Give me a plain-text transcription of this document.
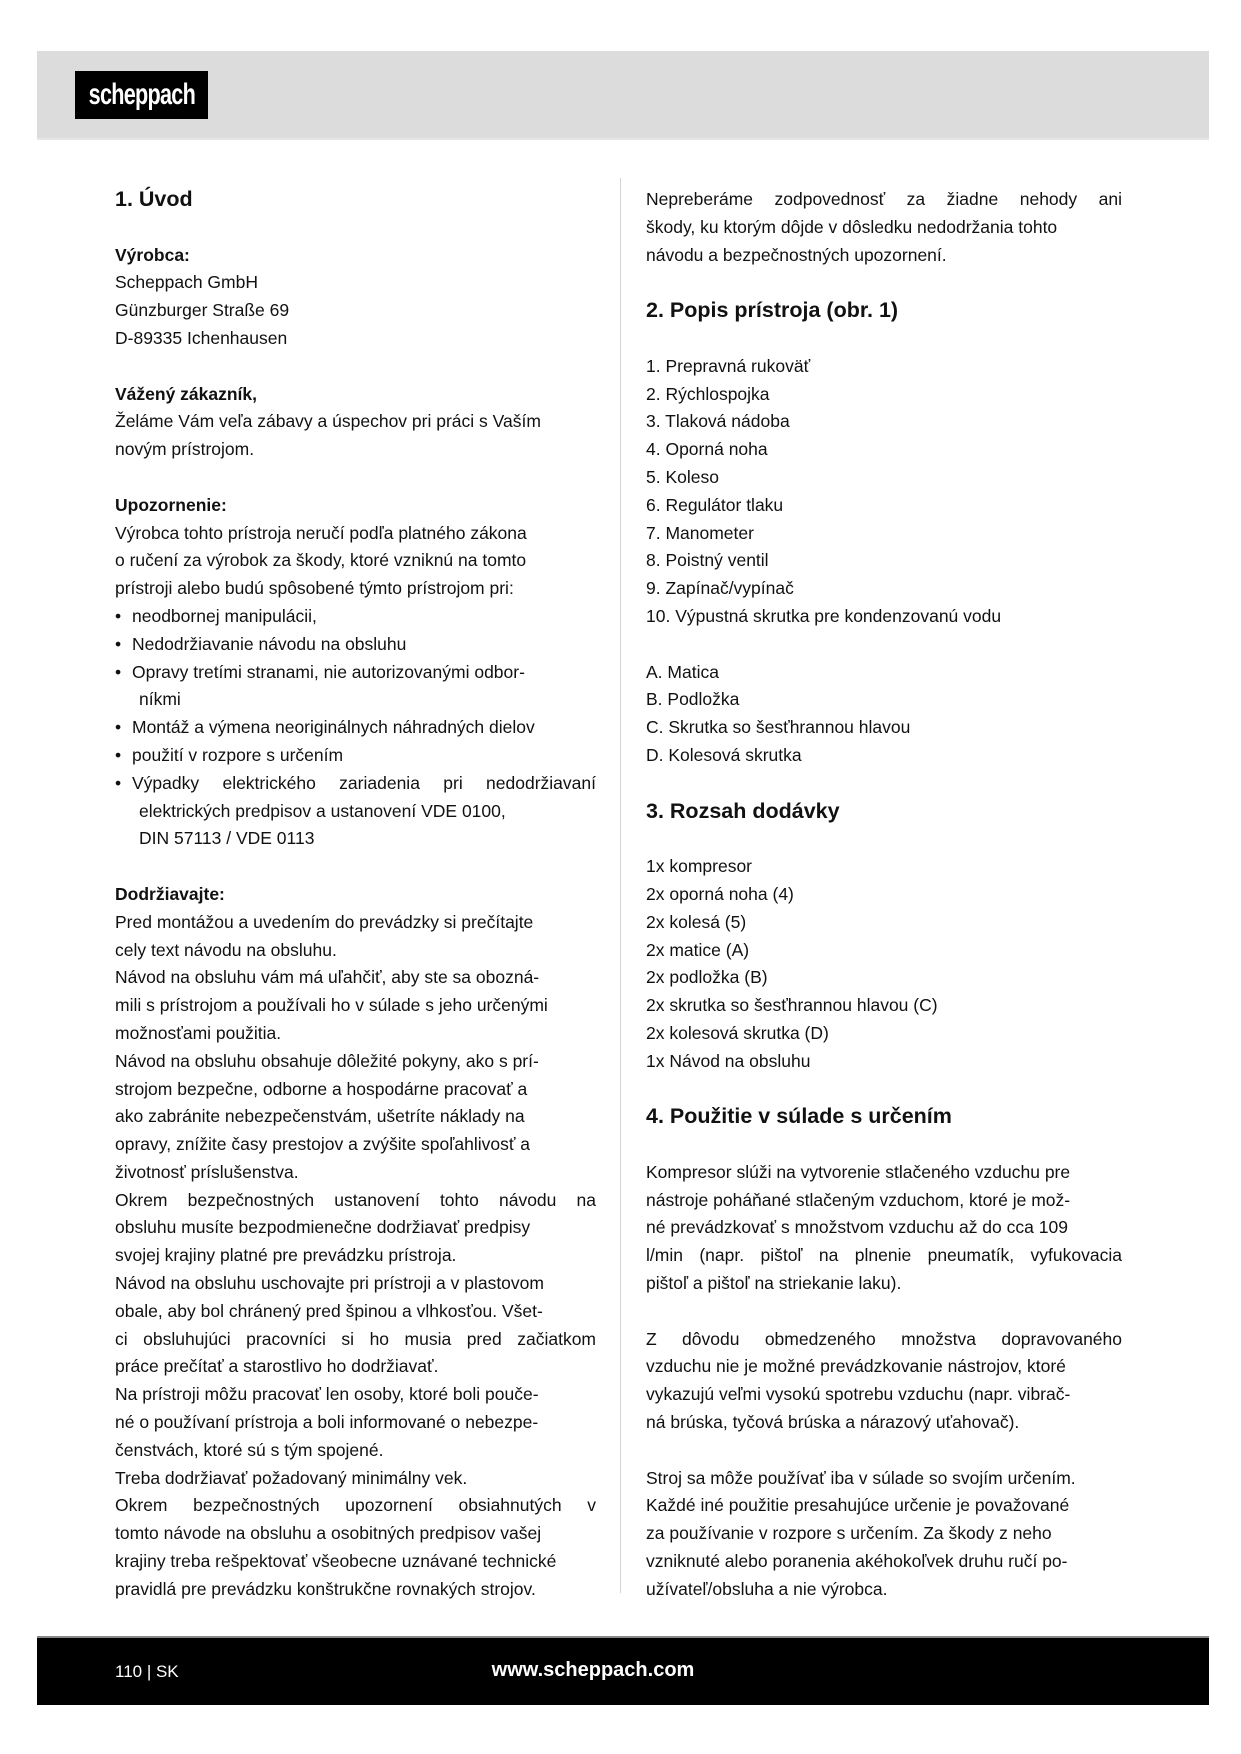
scheppach
1. Úvod
Výrobca:
Scheppach GmbH
Günzburger Straße 69
D-89335 Ichenhausen
Vážený zákazník,
Želáme Vám veľa zábavy a úspechov pri práci s Vaším
novým prístrojom.
Upozornenie:
Výrobca tohto prístroja neručí podľa platného zákona
o ručení za výrobok za škody, ktoré vzniknú na tomto
prístroji alebo budú spôsobené týmto prístrojom pri:
• neodbornej manipulácii,
• Nedodržiavanie návodu na obsluhu
• Opravy tretími stranami, nie autorizovanými odbor-
níkmi
• Montáž a výmena neoriginálnych náhradných dielov
• použití v rozpore s určením
• Výpadky elektrického zariadenia pri nedodržiavaní
elektrických predpisov a ustanovení VDE 0100,
DIN 57113 / VDE 0113
Dodržiavajte:
Pred montážou a uvedením do prevádzky si prečítajte
cely text návodu na obsluhu.
Návod na obsluhu vám má uľahčiť, aby ste sa obozná-
mili s prístrojom a používali ho v súlade s jeho určenými
možnosťami použitia.
Návod na obsluhu obsahuje dôležité pokyny, ako s prí-
strojom bezpečne, odborne a hospodárne pracovať a
ako zabránite nebezpečenstvám, ušetríte náklady na
opravy, znížite časy prestojov a zvýšite spoľahlivosť a
životnosť príslušenstva.
Okrem bezpečnostných ustanovení tohto návodu na
obsluhu musíte bezpodmienečne dodržiavať predpisy
svojej krajiny platné pre prevádzku prístroja.
Návod na obsluhu uschovajte pri prístroji a v plastovom
obale, aby bol chránený pred špinou a vlhkosťou. Všet-
ci obsluhujúci pracovníci si ho musia pred začiatkom
práce prečítať a starostlivo ho dodržiavať.
Na prístroji môžu pracovať len osoby, ktoré boli pouče-
né o používaní prístroja a boli informované o nebezpe-
čenstvách, ktoré sú s tým spojené.
Treba dodržiavať požadovaný minimálny vek.
Okrem bezpečnostných upozornení obsiahnutých v
tomto návode na obsluhu a osobitných predpisov vašej
krajiny treba rešpektovať všeobecne uznávané technické
pravidlá pre prevádzku konštrukčne rovnakých strojov.
Nepreberáme zodpovednosť za žiadne nehody ani
škody, ku ktorým dôjde v dôsledku nedodržania tohto
návodu a bezpečnostných upozornení.
2. Popis prístroja (obr. 1)
1. Prepravná rukoväť
2. Rýchlospojka
3. Tlaková nádoba
4. Oporná noha
5. Koleso
6. Regulátor tlaku
7. Manometer
8. Poistný ventil
9. Zapínač/vypínač
10. Výpustná skrutka pre kondenzovanú vodu
A. Matica
B. Podložka
C. Skrutka so šesťhrannou hlavou
D. Kolesová skrutka
3. Rozsah dodávky
1x kompresor
2x oporná noha (4)
2x kolesá (5)
2x matice (A)
2x podložka (B)
2x skrutka so šesťhrannou hlavou (C)
2x kolesová skrutka (D)
1x Návod na obsluhu
4. Použitie v súlade s určením
Kompresor slúži na vytvorenie stlačeného vzduchu pre
nástroje poháňané stlačeným vzduchom, ktoré je mož-
né prevádzkovať s množstvom vzduchu až do cca 109
l/min (napr. pištoľ na plnenie pneumatík, vyfukovacia
pištoľ a pištoľ na striekanie laku).
Z dôvodu obmedzeného množstva dopravovaného
vzduchu nie je možné prevádzkovanie nástrojov, ktoré
vykazujú veľmi vysokú spotrebu vzduchu (napr. vibrač-
ná brúska, tyčová brúska a nárazový uťahovač).
Stroj sa môže používať iba v súlade so svojím určením.
Každé iné použitie presahujúce určenie je považované
za používanie v rozpore s určením. Za škody z neho
vzniknuté alebo poranenia akéhokoľvek druhu ručí po-
užívateľ/obsluha a nie výrobca.
110 | SK	www.scheppach.com
